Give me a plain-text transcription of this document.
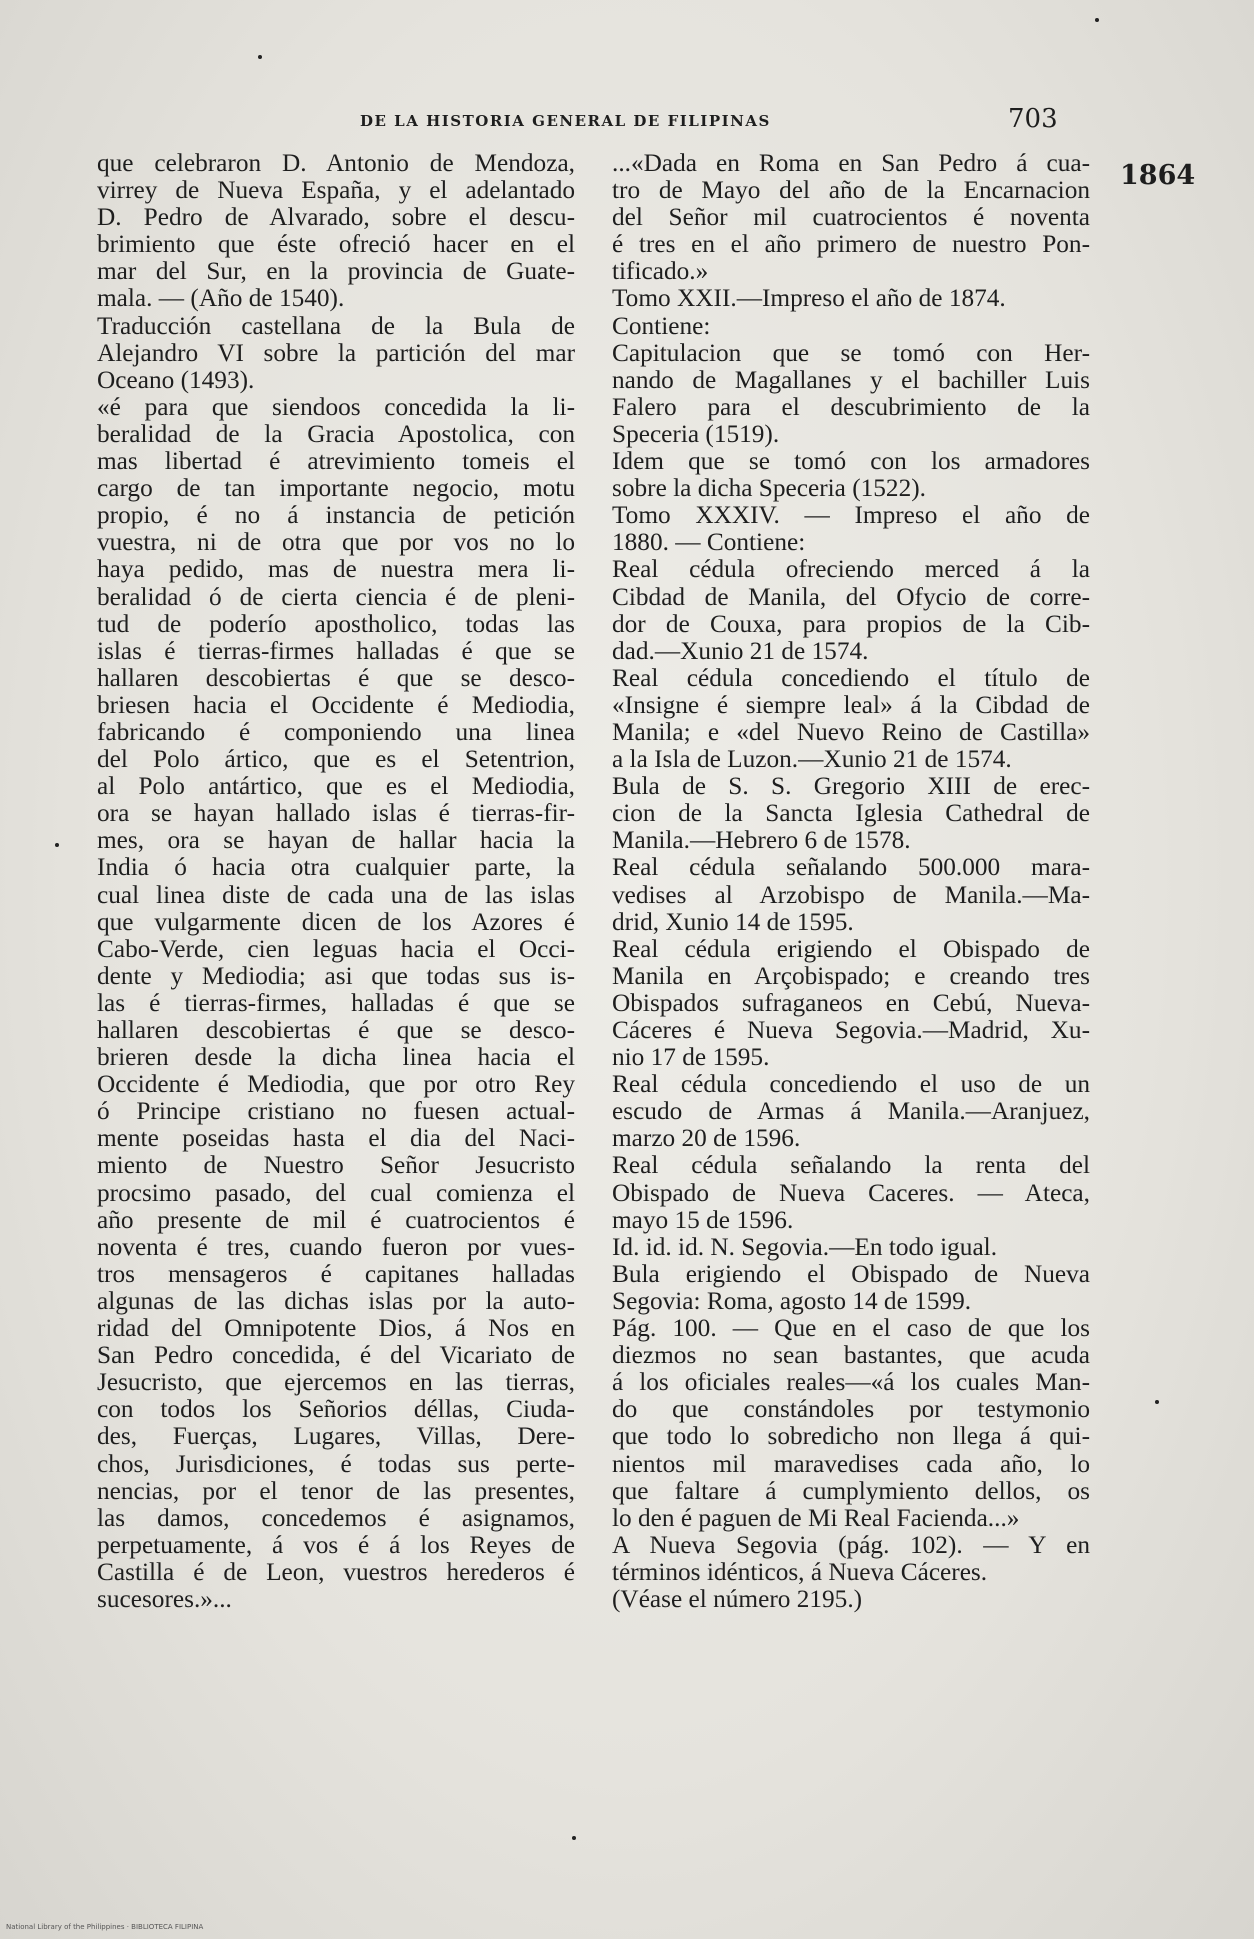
DE LA HISTORIA GENERAL DE FILIPINAS	703
1864
que celebraron D. Antonio de Mendoza,
virrey de Nueva España, y el adelantado
D. Pedro de Alvarado, sobre el descu-
brimiento que éste ofreció hacer en el
mar del Sur, en la provincia de Guate-
mala. — (Año de 1540).
Traducción castellana de la Bula de
Alejandro VI sobre la partición del mar
Oceano (1493).
«é para que siendoos concedida la li-
beralidad de la Gracia Apostolica, con
mas libertad é atrevimiento tomeis el
cargo de tan importante negocio, motu
propio, é no á instancia de petición
vuestra, ni de otra que por vos no lo
haya pedido, mas de nuestra mera li-
beralidad ó de cierta ciencia é de pleni-
tud de poderío apostholico, todas las
islas é tierras-firmes halladas é que se
hallaren descobiertas é que se desco-
briesen hacia el Occidente é Mediodia,
fabricando é componiendo una linea
del Polo ártico, que es el Setentrion,
al Polo antártico, que es el Mediodia,
ora se hayan hallado islas é tierras-fir-
mes, ora se hayan de hallar hacia la
India ó hacia otra cualquier parte, la
cual linea diste de cada una de las islas
que vulgarmente dicen de los Azores é
Cabo-Verde, cien leguas hacia el Occi-
dente y Mediodia; asi que todas sus is-
las é tierras-firmes, halladas é que se
hallaren descobiertas é que se desco-
brieren desde la dicha linea hacia el
Occidente é Mediodia, que por otro Rey
ó Principe cristiano no fuesen actual-
mente poseidas hasta el dia del Naci-
miento de Nuestro Señor Jesucristo
procsimo pasado, del cual comienza el
año presente de mil é cuatrocientos é
noventa é tres, cuando fueron por vues-
tros mensageros é capitanes halladas
algunas de las dichas islas por la auto-
ridad del Omnipotente Dios, á Nos en
San Pedro concedida, é del Vicariato de
Jesucristo, que ejercemos en las tierras,
con todos los Señorios déllas, Ciuda-
des, Fuerças, Lugares, Villas, Dere-
chos, Jurisdiciones, é todas sus perte-
nencias, por el tenor de las presentes,
las damos, concedemos é asignamos,
perpetuamente, á vos é á los Reyes de
Castilla é de Leon, vuestros herederos é
sucesores.»...
...«Dada en Roma en San Pedro á cua-
tro de Mayo del año de la Encarnacion
del Señor mil cuatrocientos é noventa
é tres en el año primero de nuestro Pon-
tificado.»
Tomo XXII.—Impreso el año de 1874.
Contiene:
Capitulacion que se tomó con Her-
nando de Magallanes y el bachiller Luis
Falero para el descubrimiento de la
Speceria (1519).
Idem que se tomó con los armadores
sobre la dicha Speceria (1522).
Tomo XXXIV. — Impreso el año de
1880. — Contiene:
Real cédula ofreciendo merced á la
Cibdad de Manila, del Ofycio de corre-
dor de Couxa, para propios de la Cib-
dad.—Xunio 21 de 1574.
Real cédula concediendo el título de
«Insigne é siempre leal» á la Cibdad de
Manila; e «del Nuevo Reino de Castilla»
a la Isla de Luzon.—Xunio 21 de 1574.
Bula de S. S. Gregorio XIII de erec-
cion de la Sancta Iglesia Cathedral de
Manila.—Hebrero 6 de 1578.
Real cédula señalando 500.000 mara-
vedises al Arzobispo de Manila.—Ma-
drid, Xunio 14 de 1595.
Real cédula erigiendo el Obispado de
Manila en Arçobispado; e creando tres
Obispados sufraganeos en Cebú, Nueva-
Cáceres é Nueva Segovia.—Madrid, Xu-
nio 17 de 1595.
Real cédula concediendo el uso de un
escudo de Armas á Manila.—Aranjuez,
marzo 20 de 1596.
Real cédula señalando la renta del
Obispado de Nueva Caceres. — Ateca,
mayo 15 de 1596.
Id. id. id. N. Segovia.—En todo igual.
Bula erigiendo el Obispado de Nueva
Segovia: Roma, agosto 14 de 1599.
Pág. 100. — Que en el caso de que los
diezmos no sean bastantes, que acuda
á los oficiales reales—«á los cuales Man-
do que constándoles por testymonio
que todo lo sobredicho non llega á qui-
nientos mil maravedises cada año, lo
que faltare á cumplymiento dellos, os
lo den é paguen de Mi Real Facienda...»
A Nueva Segovia (pág. 102). — Y en
términos idénticos, á Nueva Cáceres.
(Véase el número 2195.)
National Library of the Philippines · BIBLIOTECA FILIPINA
